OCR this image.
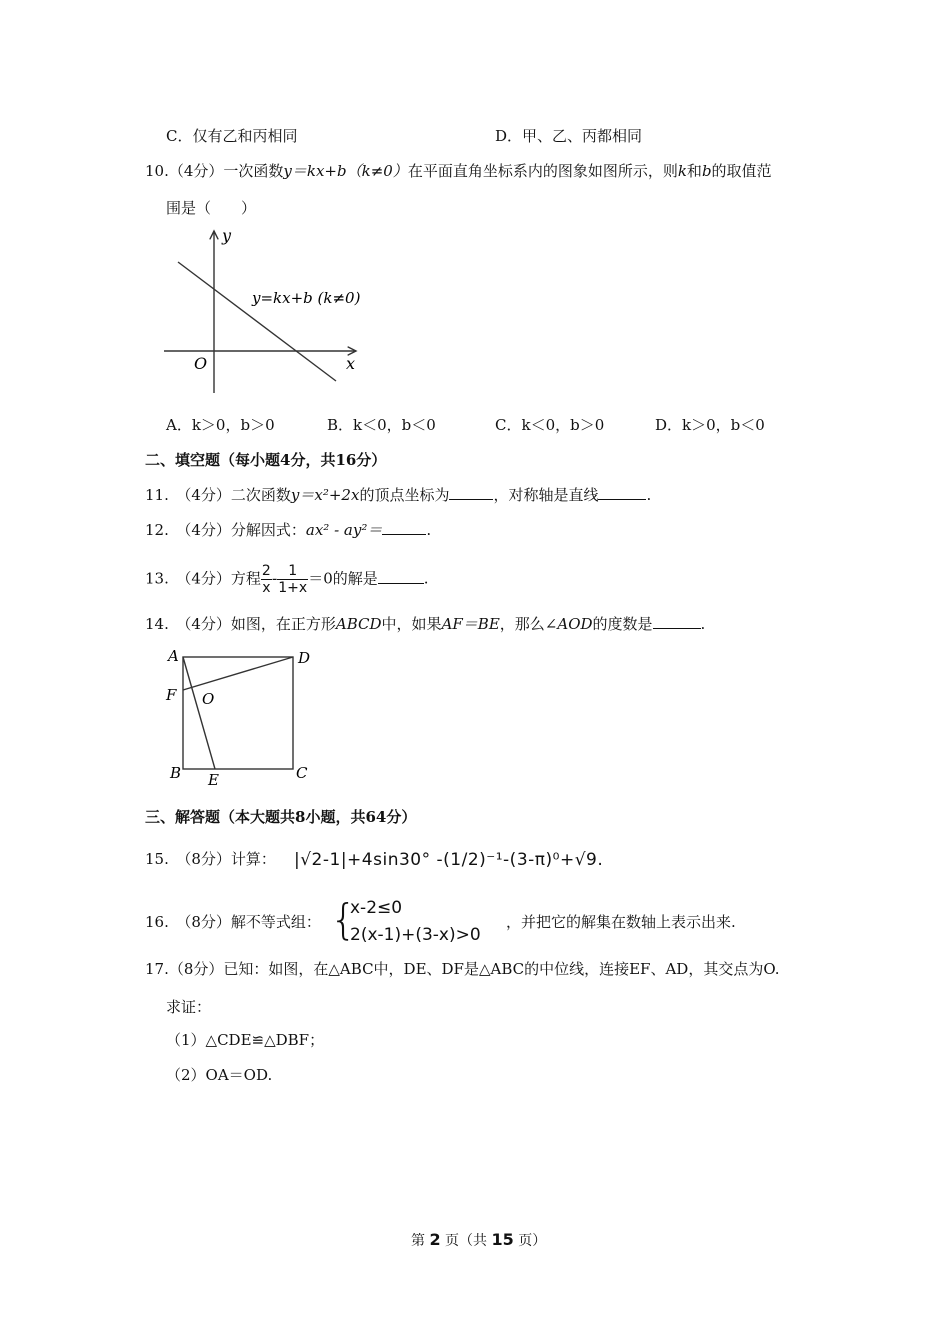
C．仅有乙和丙相同	D．甲、乙、丙都相同
10.（4分）一次函数y＝kx+b（k≠0）在平面直角坐标系内的图象如图所示，则k和b的取值范
围是（　　）
y
x
O
y=kx+b (k≠0)
A．k＞0，b＞0	B．k＜0，b＜0	C．k＜0，b＞0	D．k＞0，b＜0
二、填空题（每小题4分，共16分）
11.　（4分）二次函数y＝x²+2x的顶点坐标为	，对称轴是直线	.
12.　（4分）分解因式：ax² - ay²＝	.
13.　（4分）方程 $\frac{2}{x} - \frac{1}{1+x} =0$的解是	.
14.　（4分）如图，在正方形ABCD中，如果AF＝BE，那么∠AOD的度数是	.
A	D
F O
B E	C
三、解答题（本大题共8小题，共64分）
15.　（8分）计算： |√2-1|+4sin30° -(1/2)⁻¹-(3-π)⁰+√9.
16.　（8分）解不等式组： {
x-2≤0
2(x-1)+(3-x)>0
，并把它的解集在数轴上表示出来.
17.（8分）已知：如图，在△ABC中，DE、DF是△ABC的中位线，连接EF、AD，其交点为O.
求证：
（1）△CDE≌△DBF；
（2）OA＝OD.
第 2 页（共 15 页）
